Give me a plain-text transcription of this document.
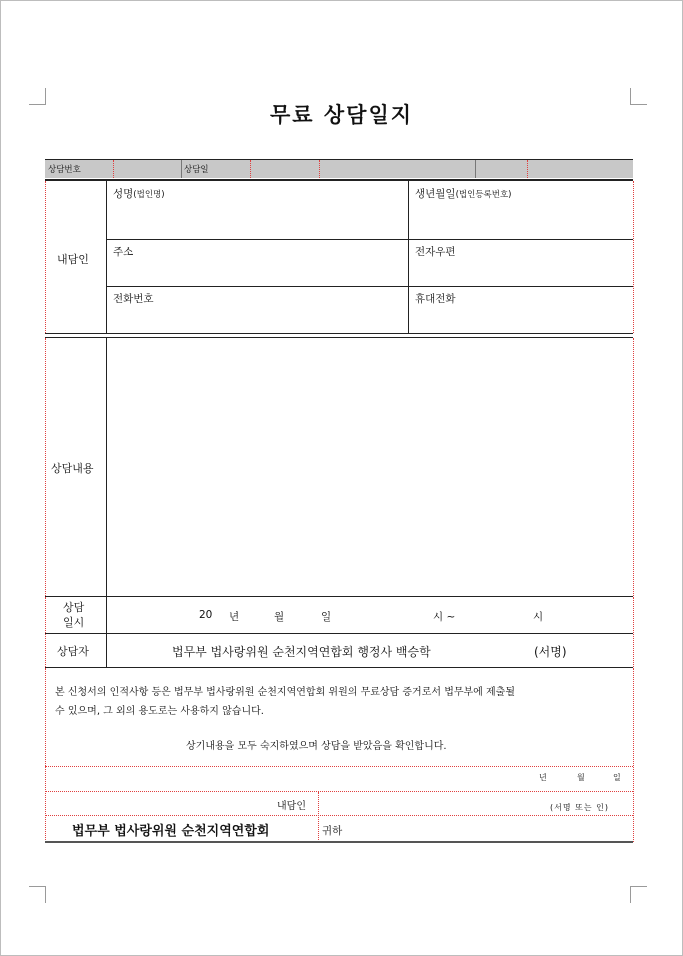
무료 상담일지
상담번호	상담일
내담인
성명(법인명)	생년월일(법인등록번호)
주소	전자우편
전화번호	휴대전화
상담내용
상담
일시
20 년	월	일	시 ~	시
상담자	법무부 법사랑위원 순천지역연합회 행정사 백승학	(서명)
본 신청서의 인적사항 등은 법무부 법사랑위원 순천지역연합회 위원의 무료상담 증거로서 법무부에 제출될
수 있으며, 그 외의 용도로는 사용하지 않습니다.
상기내용을 모두 숙지하였으며 상담을 받았음을 확인합니다.
년	월	일
내담인	(서명 또는 인)
법무부 법사랑위원 순천지역연합회	귀하
